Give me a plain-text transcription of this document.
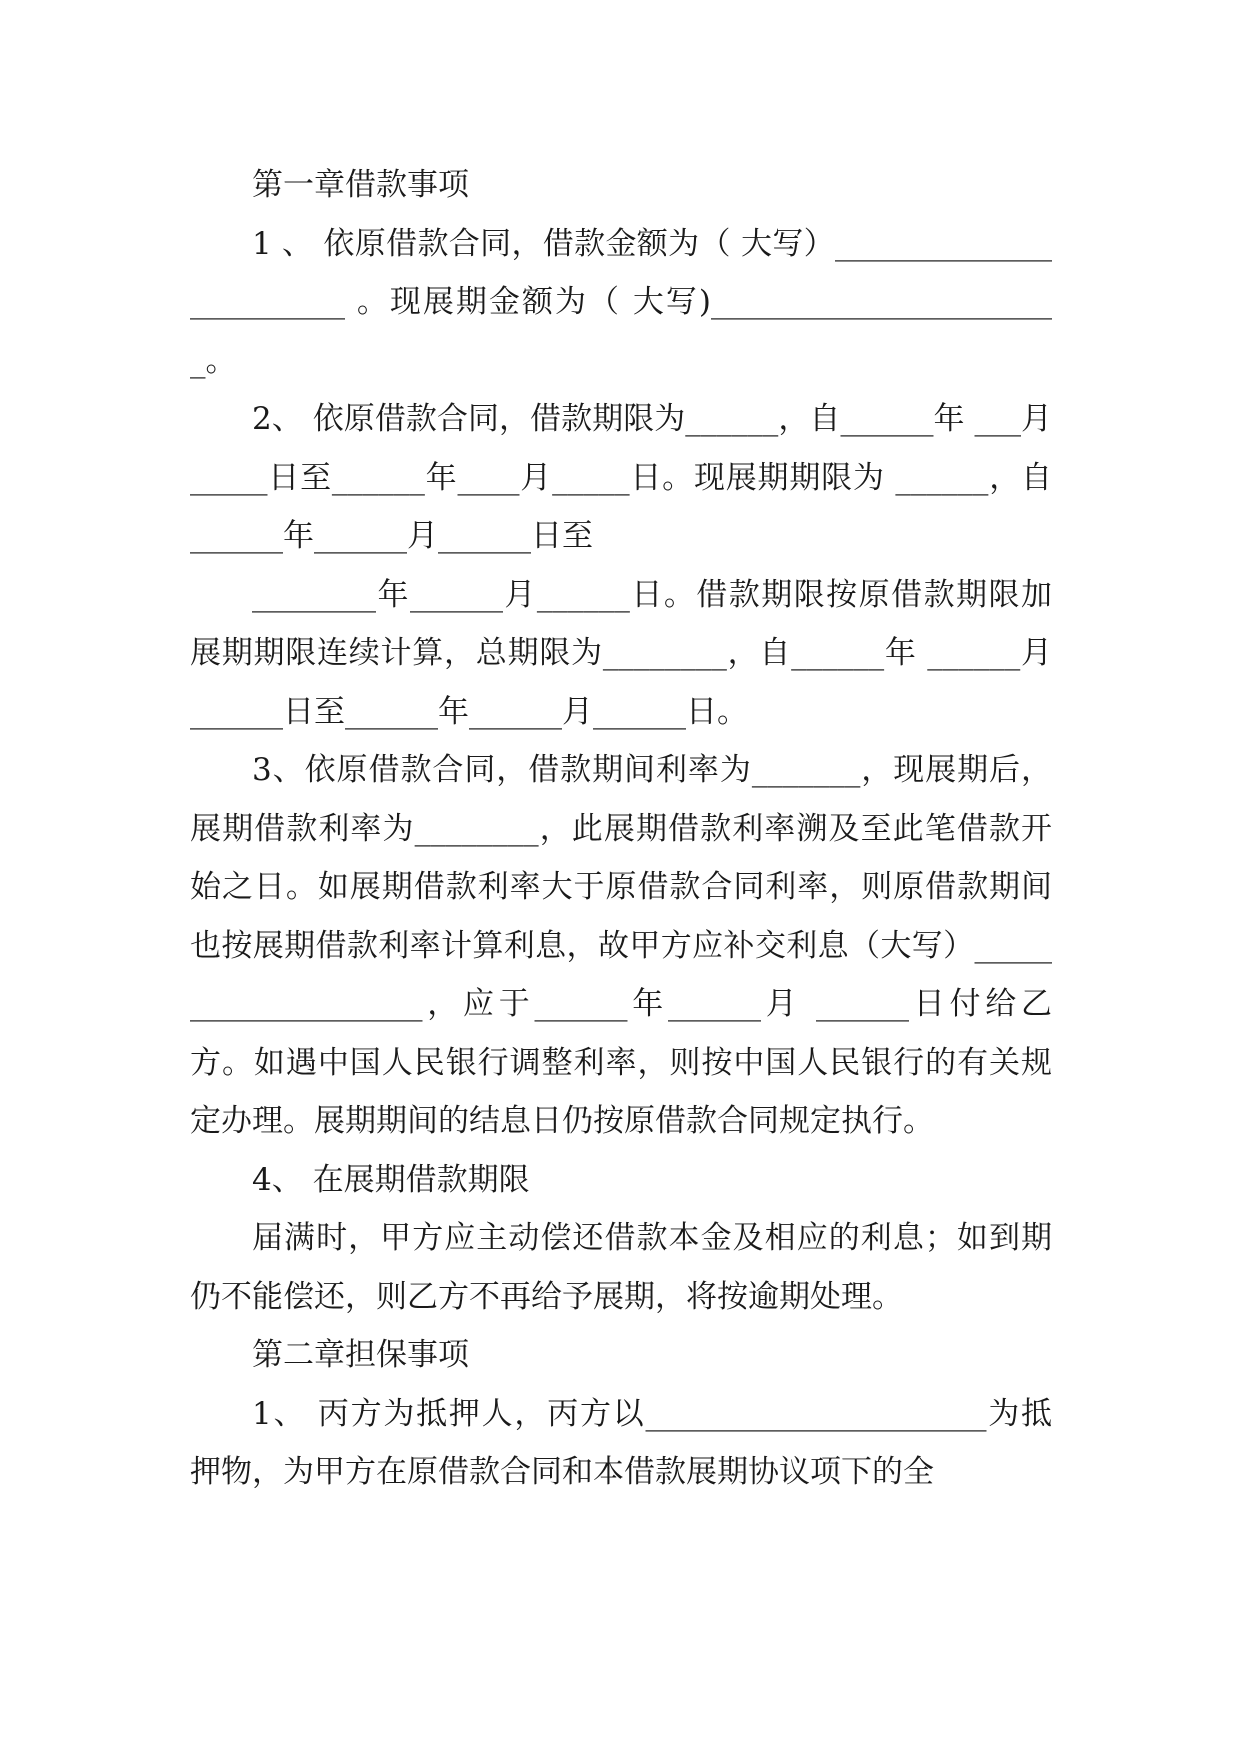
第一章借款事项

1 、 依原借款合同，借款金额为（ 大写）________________________ 。现展期金额为（ 大写)_______________________。

2、 依原借款合同，借款期限为______，自______年 ___月_____日至______年____月_____日。现展期期限为 ______，自______年______月______日至

________年______月______日。借款期限按原借款期限加展期期限连续计算，总期限为________，自______年 ______月______日至______年______月______日。

3、依原借款合同，借款期间利率为_______，现展期后，展期借款利率为________，此展期借款利率溯及至此笔借款开始之日。如展期借款利率大于原借款合同利率，则原借款期间也按展期借款利率计算利息，故甲方应补交利息（大写）____________________，应于______年______月 ______日付给乙方。如遇中国人民银行调整利率，则按中国人民银行的有关规定办理。展期期间的结息日仍按原借款合同规定执行。

4、 在展期借款期限

届满时，甲方应主动偿还借款本金及相应的利息；如到期仍不能偿还，则乙方不再给予展期，将按逾期处理。

第二章担保事项

1、 丙方为抵押人，丙方以______________________为抵押物，为甲方在原借款合同和本借款展期协议项下的全
